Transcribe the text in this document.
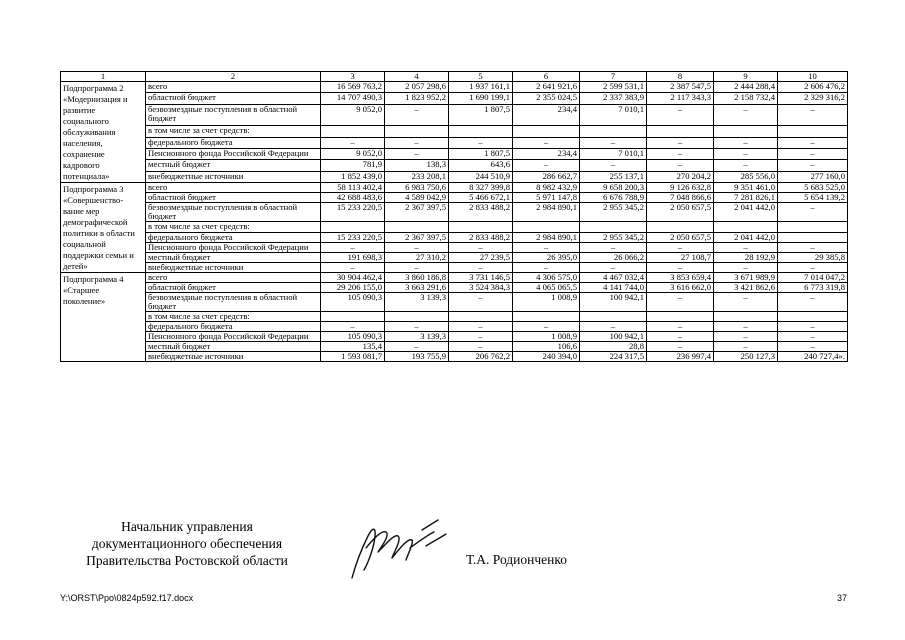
1	2	3	4	5	6	7	8	9	10
Подпрограмма 2 «Модернизация и развитие социального обслуживания населения, сохранение кадрового потенциала»	всего	16 569 763,2	2 057 298,6	1 937 161,1	2 641 921,6	2 599 531,1	2 387 547,5	2 444 288,4	2 606 476,2
	областной бюджет	14 707 490,3	1 823 952,2	1 690 199,1	2 355 024,5	2 337 383,9	2 117 343,3	2 158 732,4	2 329 316,2
	безвозмездные поступления в областной бюджет	9 052,0	–	1 807,5	234,4	7 010,1	–	–	–
	в том числе за счет средств:								
	федерального бюджета	–	–	–	–	–	–	–	–
	Пенсионного фонда Российской Федерации	9 052,0	–	1 807,5	234,4	7 010,1	–	–	–
	местный бюджет	781,9	138,3	643,6	–	–	–	–	–
	внебюджетные источники	1 852 439,0	233 208,1	244 510,9	286 662,7	255 137,1	270 204,2	285 556,0	277 160,0
Подпрограмма 3 «Совершенство-вание мер демографической политики в области социальной поддержки семьи и детей»	всего	58 113 402,4	6 983 750,6	8 327 399,8	8 982 432,9	9 658 200,3	9 126 632,8	9 351 461,0	5 683 525,0
	областной бюджет	42 688 483,6	4 589 042,9	5 466 672,1	5 971 147,8	6 676 788,9	7 048 866,6	7 281 826,1	5 654 139,2
	безвозмездные поступления в областной бюджет	15 233 220,5	2 367 397,5	2 833 488,2	2 984 890,1	2 955 345,2	2 050 657,5	2 041 442,0	–
	в том числе за счет средств:								
	федерального бюджета	15 233 220,5	2 367 397,5	2 833 488,2	2 984 890,1	2 955 345,2	2 050 657,5	2 041 442,0	
	Пенсионного фонда Российской Федерации	–	–	–	–	–	–	–	–
	местный бюджет	191 698,3	27 310,2	27 239,5	26 395,0	26 066,2	27 108,7	28 192,9	29 385,8
	внебюджетные источники	–	–	–	–	–	–	–	–
Подпрограмма 4 «Старшее поколение»	всего	30 904 462,4	3 860 186,8	3 731 146,5	4 306 575,0	4 467 032,4	3 853 659,4	3 671 989,9	7 014 047,2
	областной бюджет	29 206 155,0	3 663 291,6	3 524 384,3	4 065 065,5	4 141 744,0	3 616 662,0	3 421 862,6	6 773 319,8
	безвозмездные поступления в областной бюджет	105 090,3	3 139,3	–	1 008,9	100 942,1	–	–	–
	в том числе за счет средств:								
	федерального бюджета	–	–	–	–	–	–	–	–
	Пенсионного фонда Российской Федерации	105 090,3	3 139,3	–	1 008,9	100 942,1	–	–	–
	местный бюджет	135,4	–	–	106,6	28,8	–	–	–
	внебюджетные источники	1 593 081,7	193 755,9	206 762,2	240 394,0	224 317,5	236 997,4	250 127,3	240 727,4».
Начальник управления
документационного обеспечения
Правительства Ростовской области	Т.А. Родионченко
Y:\ORST\Ppo\0824p592.f17.docx	37
